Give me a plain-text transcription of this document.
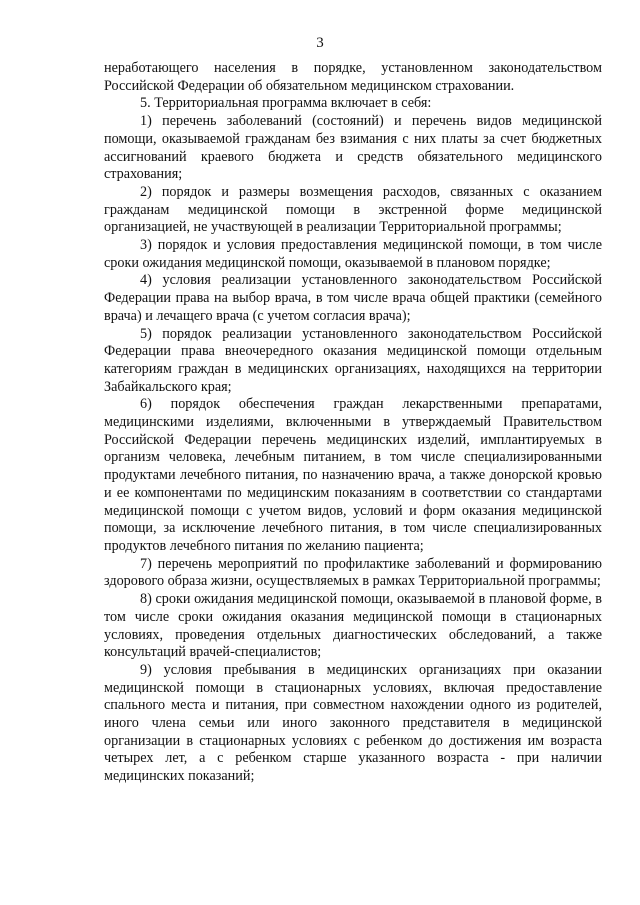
3

неработающего населения в порядке, установленном законодательством Российской Федерации об обязательном медицинском страховании.

5. Территориальная программа включает в себя:

1) перечень заболеваний (состояний) и перечень видов медицинской помощи, оказываемой гражданам без взимания с них платы за счет бюджетных ассигнований краевого бюджета и средств обязательного медицинского страхования;

2) порядок и размеры возмещения расходов, связанных с оказанием гражданам медицинской помощи в экстренной форме медицинской организацией, не участвующей в реализации Территориальной программы;

3) порядок и условия предоставления медицинской помощи, в том числе сроки ожидания медицинской помощи, оказываемой в плановом порядке;

4) условия реализации установленного законодательством Российской Федерации права на выбор врача, в том числе врача общей практики (семейного врача) и лечащего врача (с учетом согласия врача);

5) порядок реализации установленного законодательством Российской Федерации права внеочередного оказания медицинской помощи отдельным категориям граждан в медицинских организациях, находящихся на территории Забайкальского края;

6) порядок обеспечения граждан лекарственными препаратами, медицинскими изделиями, включенными в утверждаемый Правительством Российской Федерации перечень медицинских изделий, имплантируемых в организм человека, лечебным питанием, в том числе специализированными продуктами лечебного питания, по назначению врача, а также донорской кровью и ее компонентами по медицинским показаниям в соответствии со стандартами медицинской помощи с учетом видов, условий и форм оказания медицинской помощи, за исключение лечебного питания, в том числе специализированных продуктов лечебного питания по желанию пациента;

7) перечень мероприятий по профилактике заболеваний и формированию здорового образа жизни, осуществляемых в рамках Территориальной программы;

8) сроки ожидания медицинской помощи, оказываемой в плановой форме, в том числе сроки ожидания оказания медицинской помощи в стационарных условиях, проведения отдельных диагностических обследований, а также консультаций врачей-специалистов;

9) условия пребывания в медицинских организациях при оказании медицинской помощи в стационарных условиях, включая предоставление спального места и питания, при совместном нахождении одного из родителей, иного члена семьи или иного законного представителя в медицинской организации в стационарных условиях с ребенком до достижения им возраста четырех лет, а с ребенком старше указанного возраста - при наличии медицинских показаний;
